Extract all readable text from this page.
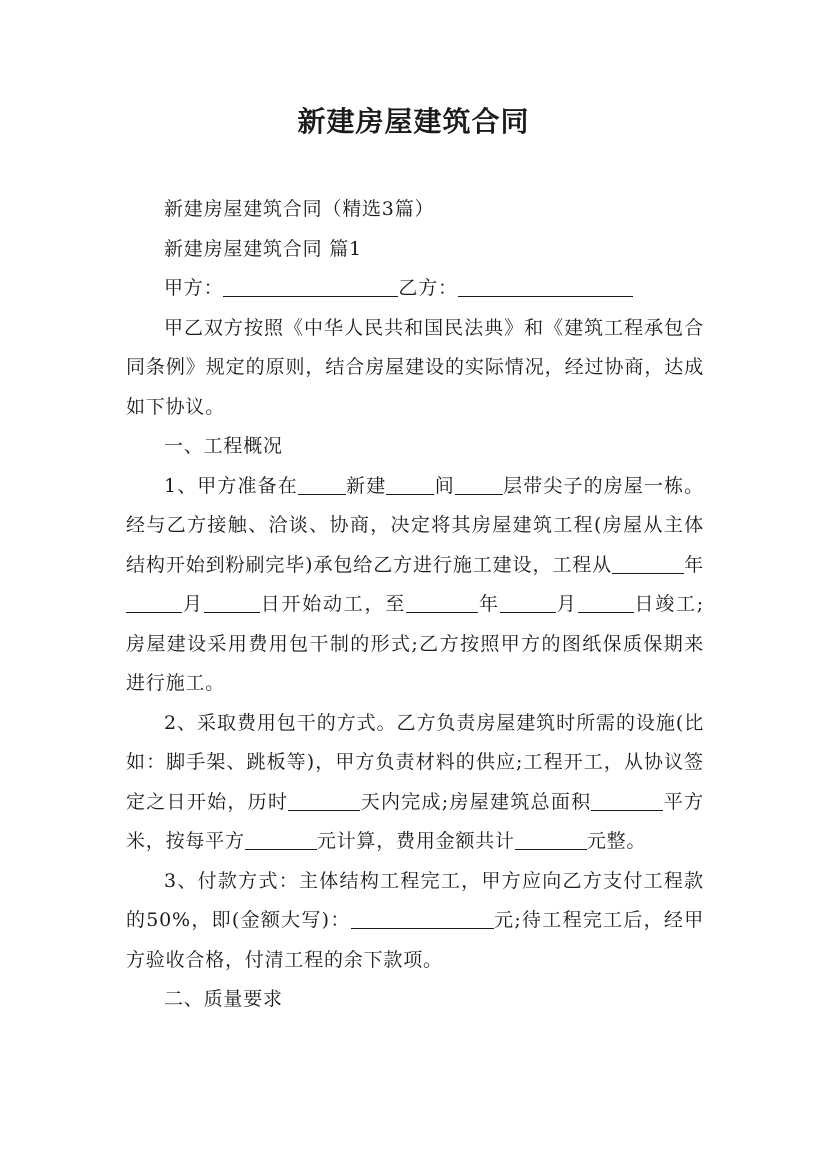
新建房屋建筑合同

新建房屋建筑合同（精选3篇）

新建房屋建筑合同 篇1

甲方：	乙方：

甲乙双方按照《中华人民共和国民法典》和《建筑工程承包合同条例》规定的原则，结合房屋建设的实际情况，经过协商，达成如下协议。

一、工程概况

1、甲方准备在	新建	间	层带尖子的房屋一栋。经与乙方接触、洽谈、协商，决定将其房屋建筑工程(房屋从主体结构开始到粉刷完毕)承包给乙方进行施工建设，工程从	年月	日开始动工，至	年	月	日竣工;房屋建设采用费用包干制的形式;乙方按照甲方的图纸保质保期来进行施工。

2、采取费用包干的方式。乙方负责房屋建筑时所需的设施(比如：脚手架、跳板等)，甲方负责材料的供应;工程开工，从协议签定之日开始，历时	天内完成;房屋建筑总面积	平方米，按每平方	元计算，费用金额共计	元整。

3、付款方式：主体结构工程完工，甲方应向乙方支付工程款的50%，即(金额大写)：	元;待工程完工后，经甲方验收合格，付清工程的余下款项。

二、质量要求
